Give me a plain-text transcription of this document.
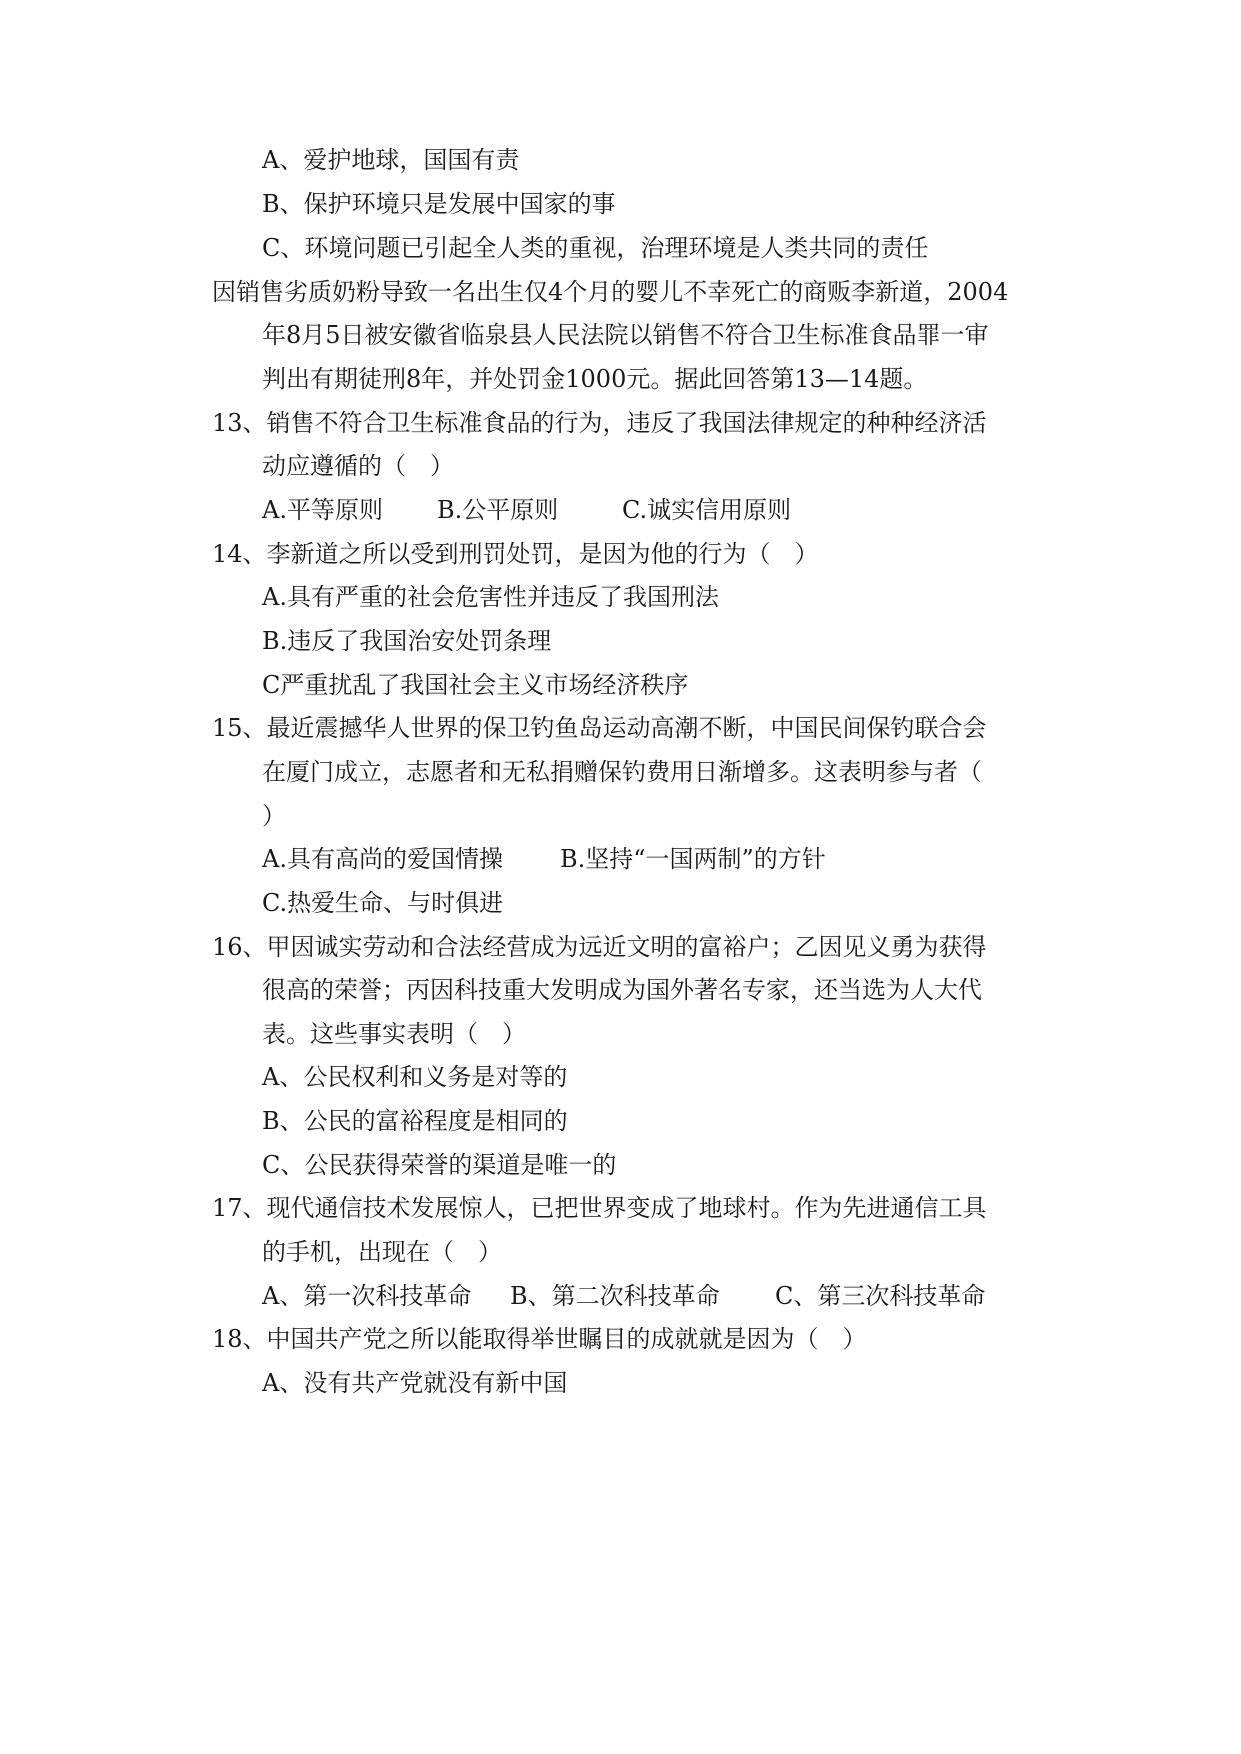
A、爱护地球，国国有责
B、保护环境只是发展中国家的事
C、环境问题已引起全人类的重视，治理环境是人类共同的责任
因销售劣质奶粉导致一名出生仅4个月的婴儿不幸死亡的商贩李新道，2004
年8月5日被安徽省临泉县人民法院以销售不符合卫生标准食品罪一审
判出有期徒刑8年，并处罚金1000元。据此回答第13—14题。
13、销售不符合卫生标准食品的行为，违反了我国法律规定的种种经济活
动应遵循的（　）
A.平等原则 B.公平原则	C.诚实信用原则
14、李新道之所以受到刑罚处罚，是因为他的行为（　）
A.具有严重的社会危害性并违反了我国刑法
B.违反了我国治安处罚条理
C严重扰乱了我国社会主义市场经济秩序
15、最近震撼华人世界的保卫钓鱼岛运动高潮不断，中国民间保钓联合会
在厦门成立，志愿者和无私捐赠保钓费用日渐增多。这表明参与者（
）
A.具有高尚的爱国情操 B.坚持“一国两制”的方针
C.热爱生命、与时俱进
16、甲因诚实劳动和合法经营成为远近文明的富裕户；乙因见义勇为获得
很高的荣誉；丙因科技重大发明成为国外著名专家，还当选为人大代
表。这些事实表明（　）
A、公民权利和义务是对等的
B、公民的富裕程度是相同的
C、公民获得荣誉的渠道是唯一的
17、现代通信技术发展惊人，已把世界变成了地球村。作为先进通信工具
的手机，出现在（　）
A、第一次科技革命 B、第二次科技革命 C、第三次科技革命
18、中国共产党之所以能取得举世瞩目的成就就是因为（　）
A、没有共产党就没有新中国
